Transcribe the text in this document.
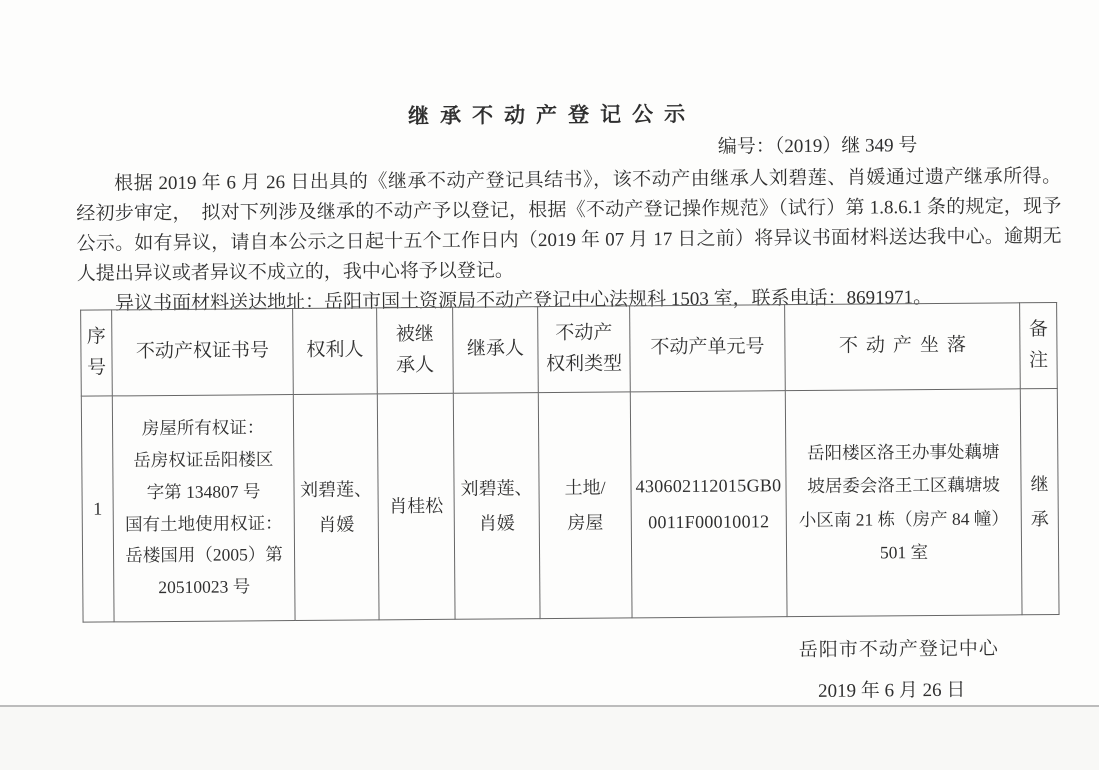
继承不动产登记公示
编号：（2019）继 349 号
根据 2019 年 6 月 26 日出具的《继承不动产登记具结书》，该不动产由继承人刘碧莲、肖媛通过遗产继承所得。
经初步审定，　拟对下列涉及继承的不动产予以登记，根据《不动产登记操作规范》（试行）第 1.8.6.1 条的规定，现予
公示。如有异议，请自本公示之日起十五个工作日内（2019 年 07 月 17 日之前）将异议书面材料送达我中心。逾期无
人提出异议或者异议不成立的，我中心将予以登记。
异议书面材料送达地址：岳阳市国土资源局不动产登记中心法规科 1503 室，联系电话：8691971。
序
号	不动产权证书号	权利人	被继
承人	继承人	不动产
权利类型	不动产单元号	不动产坐落	备
注
1	房屋所有权证：
岳房权证岳阳楼区
字第 134807 号
国有土地使用权证：
岳楼国用（2005）第
20510023 号	刘碧莲、
肖媛	肖桂松	刘碧莲、
肖媛	土地/
房屋	430602112015GB0
0011F00010012	岳阳楼区洛王办事处藕塘
坡居委会洛王工区藕塘坡
小区南 21 栋（房产 84 幢）
501 室	继承
岳阳市不动产登记中心
2019 年 6 月 26 日
